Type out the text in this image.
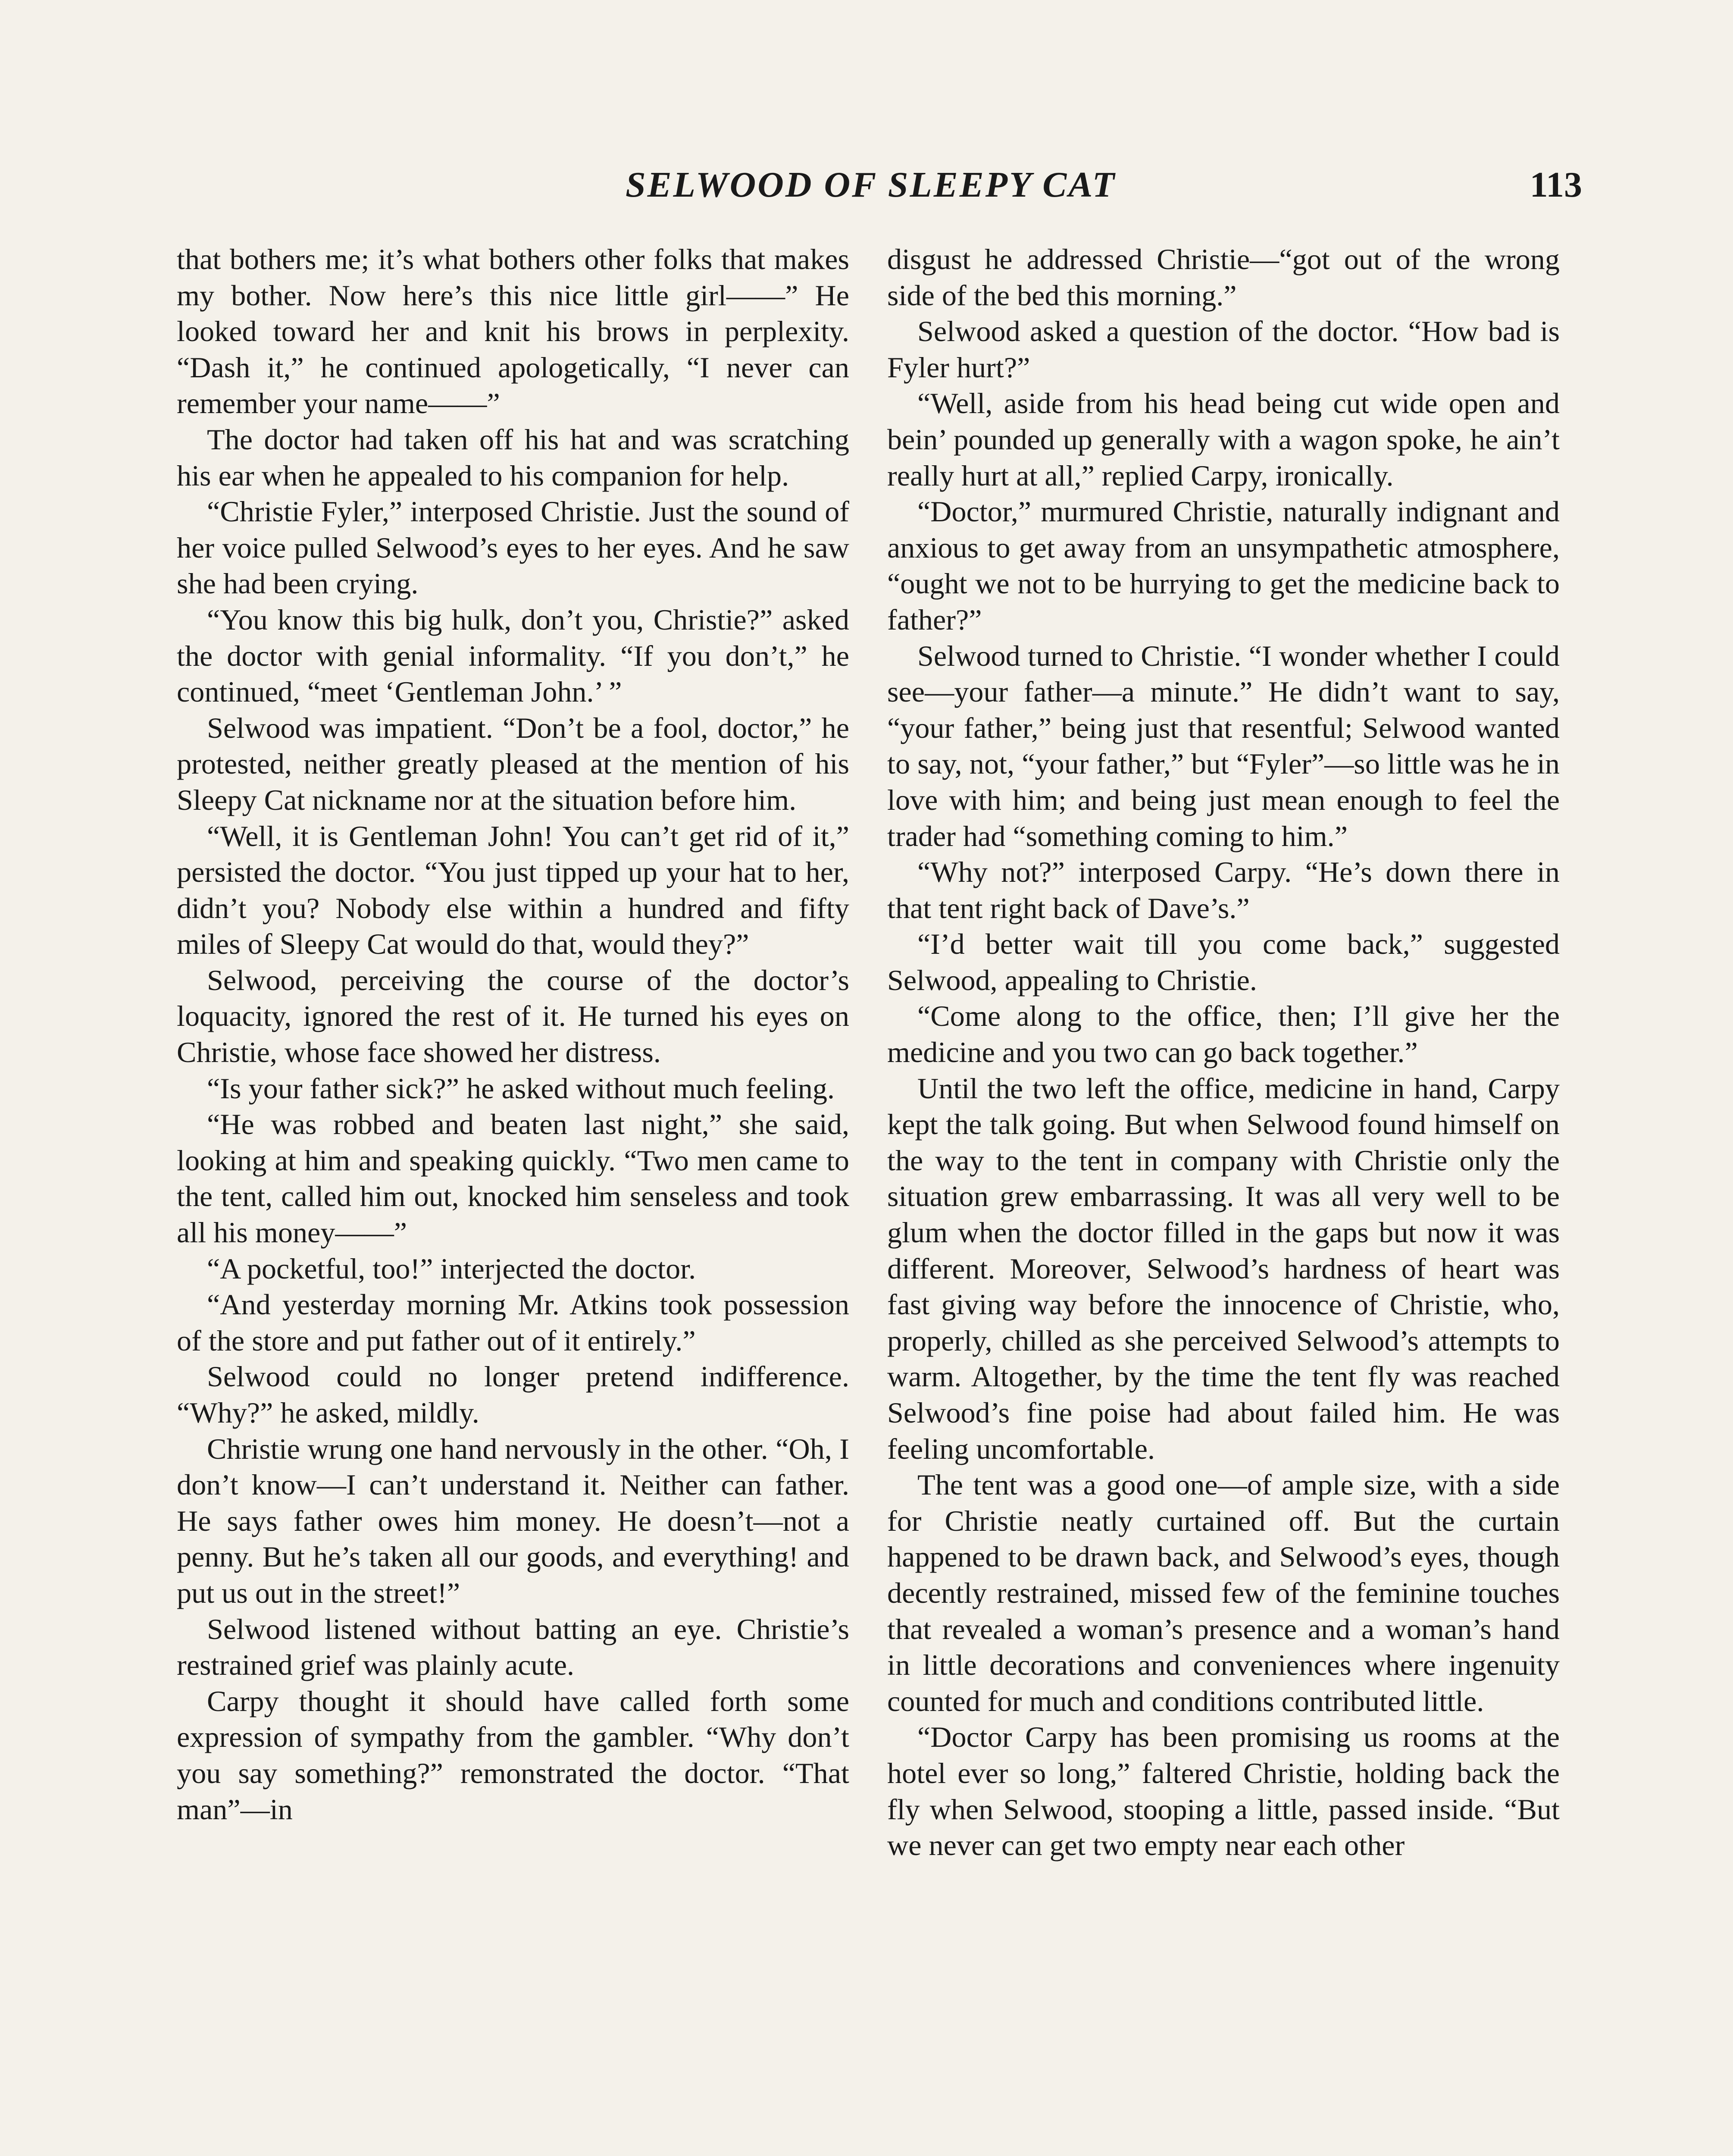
SELWOOD OF SLEEPY CAT	113

that bothers me; it’s what bothers other folks that makes my bother. Now here’s this nice little girl——” He looked toward her and knit his brows in perplexity. “Dash it,” he continued apologetically, “I never can remember your name——”

The doctor had taken off his hat and was scratching his ear when he appealed to his companion for help.

“Christie Fyler,” interposed Christie. Just the sound of her voice pulled Selwood’s eyes to her eyes. And he saw she had been crying.

“You know this big hulk, don’t you, Christie?” asked the doctor with genial informality. “If you don’t,” he continued, “meet ‘Gentleman John.’ ”

Selwood was impatient. “Don’t be a fool, doctor,” he protested, neither greatly pleased at the mention of his Sleepy Cat nickname nor at the situation before him.

“Well, it is Gentleman John! You can’t get rid of it,” persisted the doctor. “You just tipped up your hat to her, didn’t you? Nobody else within a hundred and fifty miles of Sleepy Cat would do that, would they?”

Selwood, perceiving the course of the doctor’s loquacity, ignored the rest of it. He turned his eyes on Christie, whose face showed her distress.

“Is your father sick?” he asked without much feeling.

“He was robbed and beaten last night,” she said, looking at him and speaking quickly. “Two men came to the tent, called him out, knocked him senseless and took all his money——”

“A pocketful, too!” interjected the doctor.

“And yesterday morning Mr. Atkins took possession of the store and put father out of it entirely.”

Selwood could no longer pretend indifference. “Why?” he asked, mildly.

Christie wrung one hand nervously in the other. “Oh, I don’t know—I can’t understand it. Neither can father. He says father owes him money. He doesn’t—not a penny. But he’s taken all our goods, and everything! and put us out in the street!”

Selwood listened without batting an eye. Christie’s restrained grief was plainly acute.

Carpy thought it should have called forth some expression of sympathy from the gambler. “Why don’t you say something?” remonstrated the doctor. “That man”—in

disgust he addressed Christie—“got out of the wrong side of the bed this morning.”

Selwood asked a question of the doctor. “How bad is Fyler hurt?”

“Well, aside from his head being cut wide open and bein’ pounded up generally with a wagon spoke, he ain’t really hurt at all,” replied Carpy, ironically.

“Doctor,” murmured Christie, naturally indignant and anxious to get away from an unsympathetic atmosphere, “ought we not to be hurrying to get the medicine back to father?”

Selwood turned to Christie. “I wonder whether I could see—your father—a minute.” He didn’t want to say, “your father,” being just that resentful; Selwood wanted to say, not, “your father,” but “Fyler”—so little was he in love with him; and being just mean enough to feel the trader had “something coming to him.”

“Why not?” interposed Carpy. “He’s down there in that tent right back of Dave’s.”

“I’d better wait till you come back,” suggested Selwood, appealing to Christie.

“Come along to the office, then; I’ll give her the medicine and you two can go back together.”

Until the two left the office, medicine in hand, Carpy kept the talk going. But when Selwood found himself on the way to the tent in company with Christie only the situation grew embarrassing. It was all very well to be glum when the doctor filled in the gaps but now it was different. Moreover, Selwood’s hardness of heart was fast giving way before the innocence of Christie, who, properly, chilled as she perceived Selwood’s attempts to warm. Altogether, by the time the tent fly was reached Selwood’s fine poise had about failed him. He was feeling uncomfortable.

The tent was a good one—of ample size, with a side for Christie neatly curtained off. But the curtain happened to be drawn back, and Selwood’s eyes, though decently restrained, missed few of the feminine touches that revealed a woman’s presence and a woman’s hand in little decorations and conveniences where ingenuity counted for much and conditions contributed little.

“Doctor Carpy has been promising us rooms at the hotel ever so long,” faltered Christie, holding back the fly when Selwood, stooping a little, passed inside. “But we never can get two empty near each other
